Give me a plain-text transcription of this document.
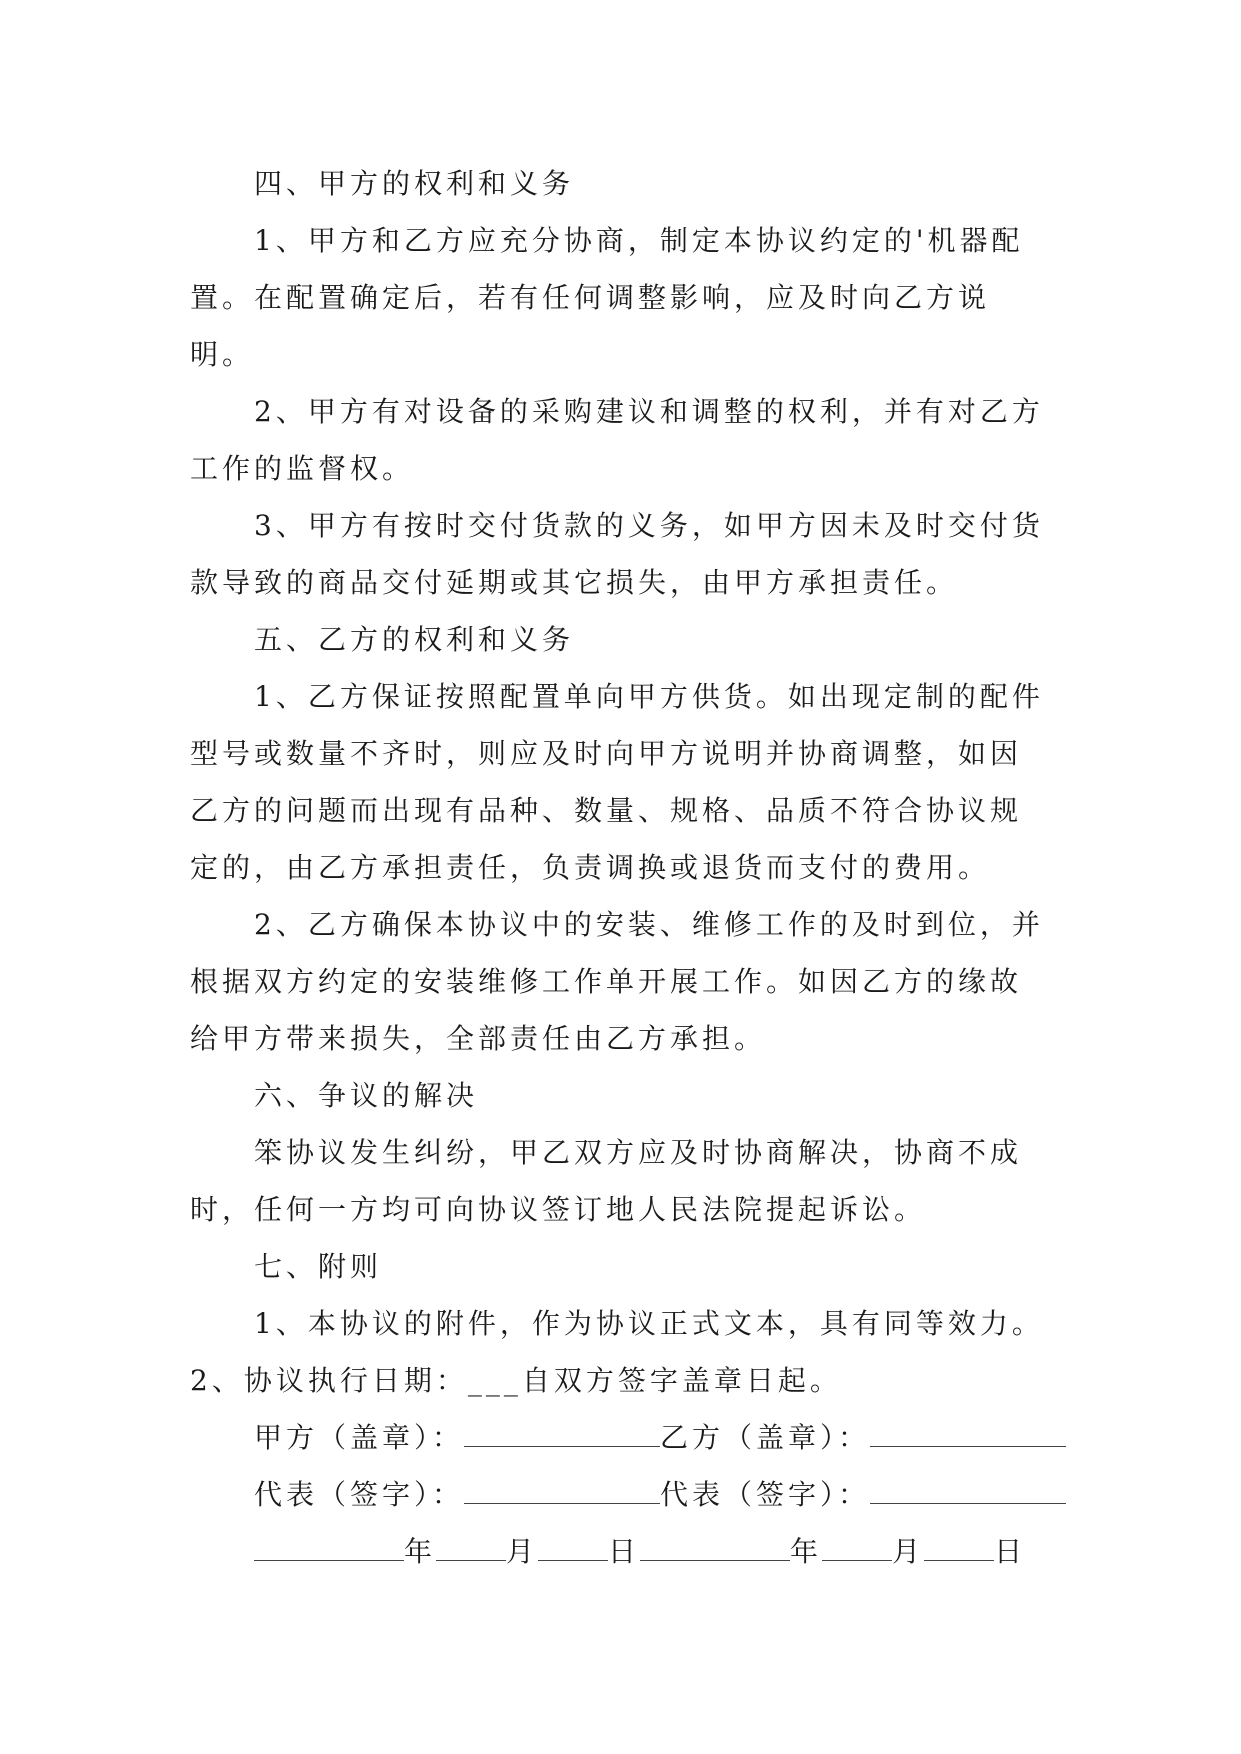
四、甲方的权利和义务

1、甲方和乙方应充分协商，制定本协议约定的'机器配置。在配置确定后，若有任何调整影响，应及时向乙方说明。

2、甲方有对设备的采购建议和调整的权利，并有对乙方工作的监督权。

3、甲方有按时交付货款的义务，如甲方因未及时交付货款导致的商品交付延期或其它损失，由甲方承担责任。

五、乙方的权利和义务

1、乙方保证按照配置单向甲方供货。如出现定制的配件型号或数量不齐时，则应及时向甲方说明并协商调整，如因乙方的问题而出现有品种、数量、规格、品质不符合协议规定的，由乙方承担责任，负责调换或退货而支付的费用。

2、乙方确保本协议中的安装、维修工作的及时到位，并根据双方约定的安装维修工作单开展工作。如因乙方的缘故给甲方带来损失，全部责任由乙方承担。

六、争议的解决

笨协议发生纠纷，甲乙双方应及时协商解决，协商不成时，任何一方均可向协议签订地人民法院提起诉讼。

七、附则

1、本协议的附件，作为协议正式文本，具有同等效力。2、协议执行日期：___自双方签字盖章日起。

甲方（盖章）：	乙方（盖章）：

代表（签字）：	代表（签字）：

年	月	日	年	月	日
